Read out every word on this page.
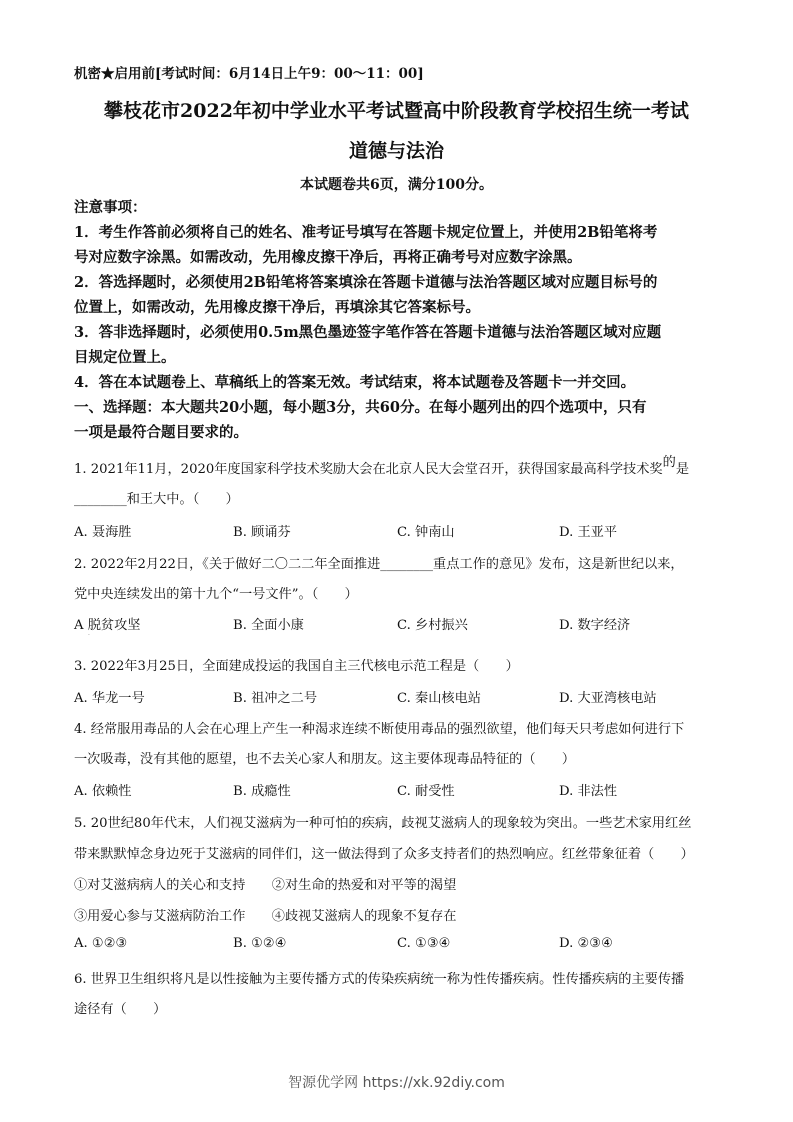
机密★启用前[考试时间：6月14日上午9：00～11：00]
攀枝花市2022年初中学业水平考试暨高中阶段教育学校招生统一考试
道德与法治
本试题卷共6页，满分100分。
注意事项：
1．考生作答前必须将自己的姓名、准考证号填写在答题卡规定位置上，并使用2B铅笔将考
号对应数字涂黑。如需改动，先用橡皮擦干净后，再将正确考号对应数字涂黑。
2．答选择题时，必须使用2B铅笔将答案填涂在答题卡道德与法治答题区域对应题目标号的
位置上，如需改动，先用橡皮擦干净后，再填涂其它答案标号。
3．答非选择题时，必须使用0.5m黑色墨迹签字笔作答在答题卡道德与法治答题区域对应题
目规定位置上。
4．答在本试题卷上、草稿纸上的答案无效。考试结束，将本试题卷及答题卡一并交回。
一、选择题：本大题共20小题，每小题3分，共60分。在每小题列出的四个选项中，只有
一项是最符合题目要求的。
1. 2021年11月，2020年度国家科学技术奖励大会在北京人民大会堂召开，获得国家最高科学技术奖的是
________和王大中。（　　）
A. 聂海胜	B. 顾诵芬	C. 钟南山	D. 王亚平
2. 2022年2月22日，《关于做好二〇二二年全面推进________重点工作的意见》发布，这是新世纪以来，
党中央连续发出的第十九个“一号文件”。（　　）
A 脱贫攻坚	B. 全面小康	C. 乡村振兴	D. 数字经济
·
3. 2022年3月25日，全面建成投运的我国自主三代核电示范工程是（　　）
A. 华龙一号	B. 祖冲之二号	C. 秦山核电站	D. 大亚湾核电站
4. 经常服用毒品的人会在心理上产生一种渴求连续不断使用毒品的强烈欲望，他们每天只考虑如何进行下
一次吸毒，没有其他的愿望，也不去关心家人和朋友。这主要体现毒品特征的（　　）
A. 依赖性	B. 成瘾性	C. 耐受性	D. 非法性
5. 20世纪80年代末，人们视艾滋病为一种可怕的疾病，歧视艾滋病人的现象较为突出。一些艺术家用红丝
带来默默悼念身边死于艾滋病的同伴们，这一做法得到了众多支持者们的热烈响应。红丝带象征着（　　）
①对艾滋病病人的关心和支持　　②对生命的热爱和对平等的渴望
③用爱心参与艾滋病防治工作　　④歧视艾滋病人的现象不复存在
A. ①②③	B. ①②④	C. ①③④	D. ②③④
6. 世界卫生组织将凡是以性接触为主要传播方式的传染疾病统一称为性传播疾病。性传播疾病的主要传播
途径有（　　）
智源优学网 https://xk.92diy.com
